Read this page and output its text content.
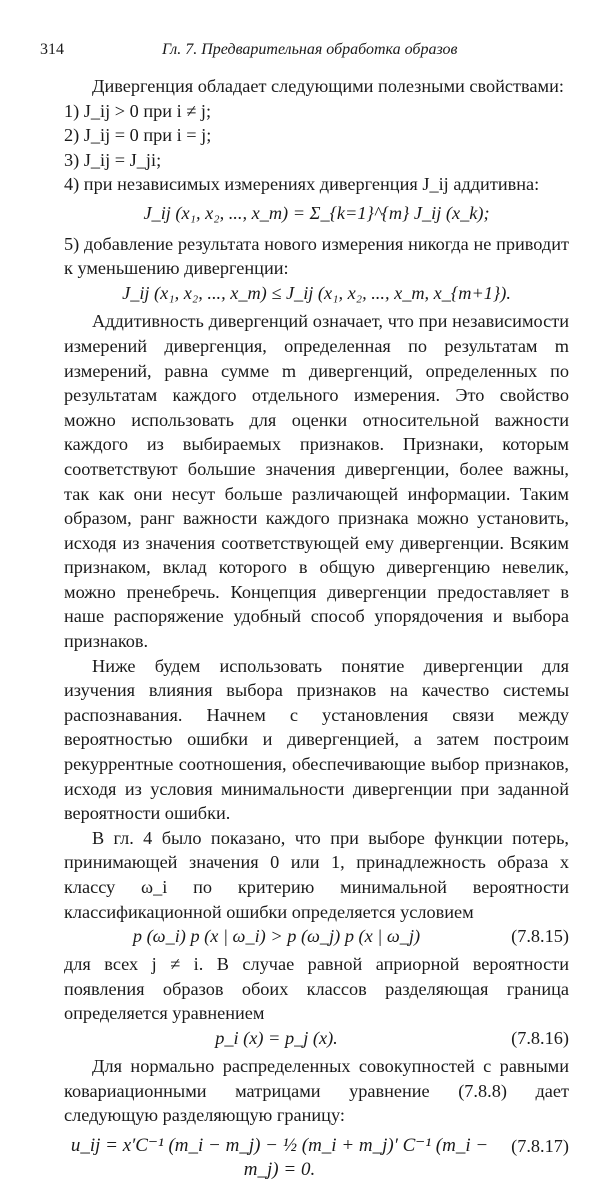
314	Гл. 7. Предварительная обработка образов

Дивергенция обладает следующими полезными свойствами:

1) J_ij > 0 при i ≠ j;

2) J_ij = 0 при i = j;

3) J_ij = J_ji;

4) при независимых измерениях дивергенция J_ij аддитивна:

J_ij (x₁, x₂, ..., x_m) = Σ_{k=1}^{m} J_ij (x_k);

5) добавление результата нового измерения никогда не приводит к уменьшению дивергенции:

J_ij (x₁, x₂, ..., x_m) ≤ J_ij (x₁, x₂, ..., x_m, x_{m+1}).

Аддитивность дивергенций означает, что при независимости измерений дивергенция, определенная по результатам m измерений, равна сумме m дивергенций, определенных по результатам каждого отдельного измерения. Это свойство можно использовать для оценки относительной важности каждого из выбираемых признаков. Признаки, которым соответствуют большие значения дивергенции, более важны, так как они несут больше различающей информации. Таким образом, ранг важности каждого признака можно установить, исходя из значения соответствующей ему дивергенции. Всяким признаком, вклад которого в общую дивергенцию невелик, можно пренебречь. Концепция дивергенции предоставляет в наше распоряжение удобный способ упорядочения и выбора признаков.

Ниже будем использовать понятие дивергенции для изучения влияния выбора признаков на качество системы распознавания. Начнем с установления связи между вероятностью ошибки и дивергенцией, а затем построим рекуррентные соотношения, обеспечивающие выбор признаков, исходя из условия минимальности дивергенции при заданной вероятности ошибки.

В гл. 4 было показано, что при выборе функции потерь, принимающей значения 0 или 1, принадлежность образа x классу ω_i по критерию минимальной вероятности классификационной ошибки определяется условием

p (ω_i) p (x | ω_i) > p (ω_j) p (x | ω_j)	(7.8.15)

для всех j ≠ i. В случае равной априорной вероятности появления образов обоих классов разделяющая граница определяется уравнением

p_i (x) = p_j (x).	(7.8.16)

Для нормально распределенных совокупностей с равными ковариационными матрицами уравнение (7.8.8) дает следующую разделяющую границу:

u_ij = x′C⁻¹ (m_i − m_j) − ½ (m_i + m_j)′ C⁻¹ (m_i − m_j) = 0.
(7.8.17)
